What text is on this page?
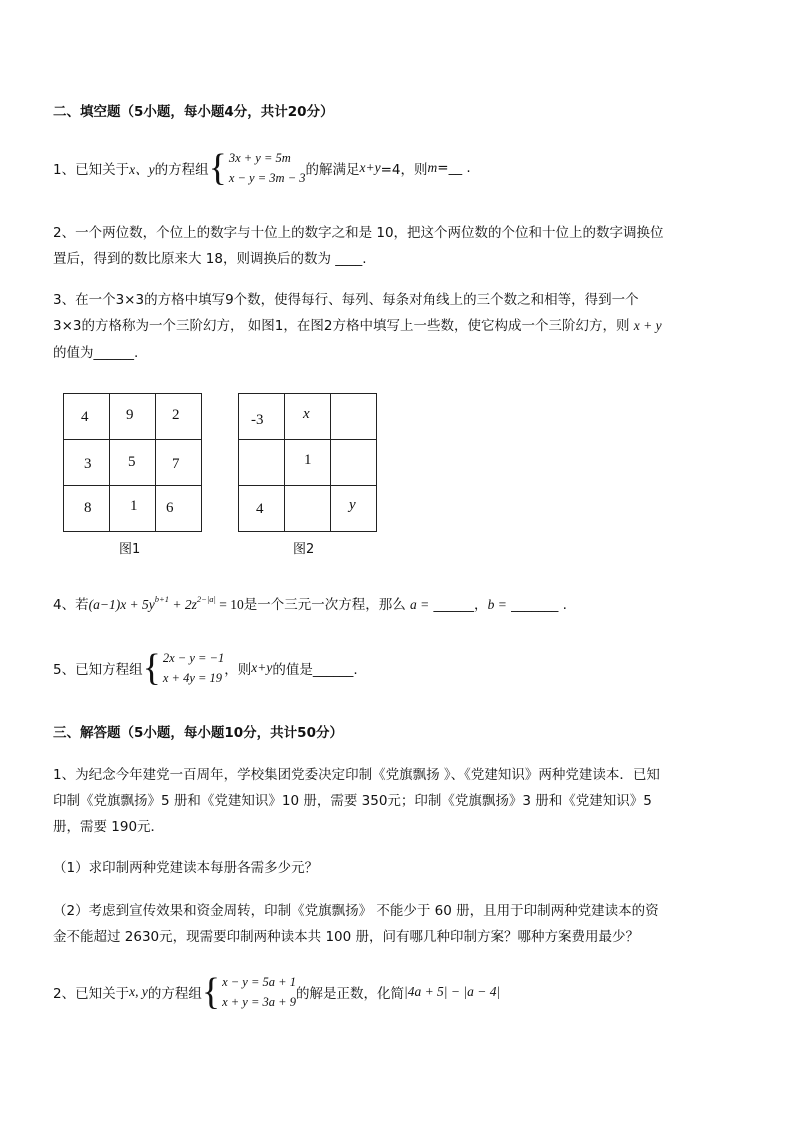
二、填空题（5小题，每小题4分，共计20分）
1、已知关于 x、y 的方程组 { 3x + y = 5m
x − y = 3m − 3 的解满足 x+y =4，则 m =__ .
2、一个两位数，个位上的数字与十位上的数字之和是 10，把这个两位数的个位和十位上的数字调换位
置后，得到的数比原来大 18，则调换后的数为 ____.
3、在一个3×3的方格中填写9个数，使得每行、每列、每条对角线上的三个数之和相等，得到一个
3×3的方格称为一个三阶幻方， 如图1，在图2方格中填写上一些数，使它构成一个三阶幻方，则 x + y
的值为______.
4	9	2

3	5	7

8	1	6
图1
-3	x	

	1	

4		y
图2
4、若$(a-1)x + 5y^{b+1} + 2z^{2-|a|} = 10$是一个三元一次方程，那么 a = ______，b = _______ .
5、已知方程组 { 2x − y = −1
x + 4y = 19 ，则 x+y 的值是______.
三、解答题（5小题，每小题10分，共计50分）
1、为纪念今年建党一百周年，学校集团党委决定印制《党旗飘扬 》、《党建知识》两种党建读本．已知
印制《党旗飘扬》5 册和《党建知识》10 册，需要 350元；印制《党旗飘扬》3 册和《党建知识》5
册，需要 190元．
（1）求印制两种党建读本每册各需多少元？
（2）考虑到宣传效果和资金周转，印制《党旗飘扬》 不能少于 60 册，且用于印制两种党建读本的资
金不能超过 2630元，现需要印制两种读本共 100 册，问有哪几种印制方案？哪种方案费用最少？
2、已知关于 x, y 的方程组 { x − y = 5a + 1
x + y = 3a + 9 的解是正数，化简 |4a + 5| − |a − 4|
